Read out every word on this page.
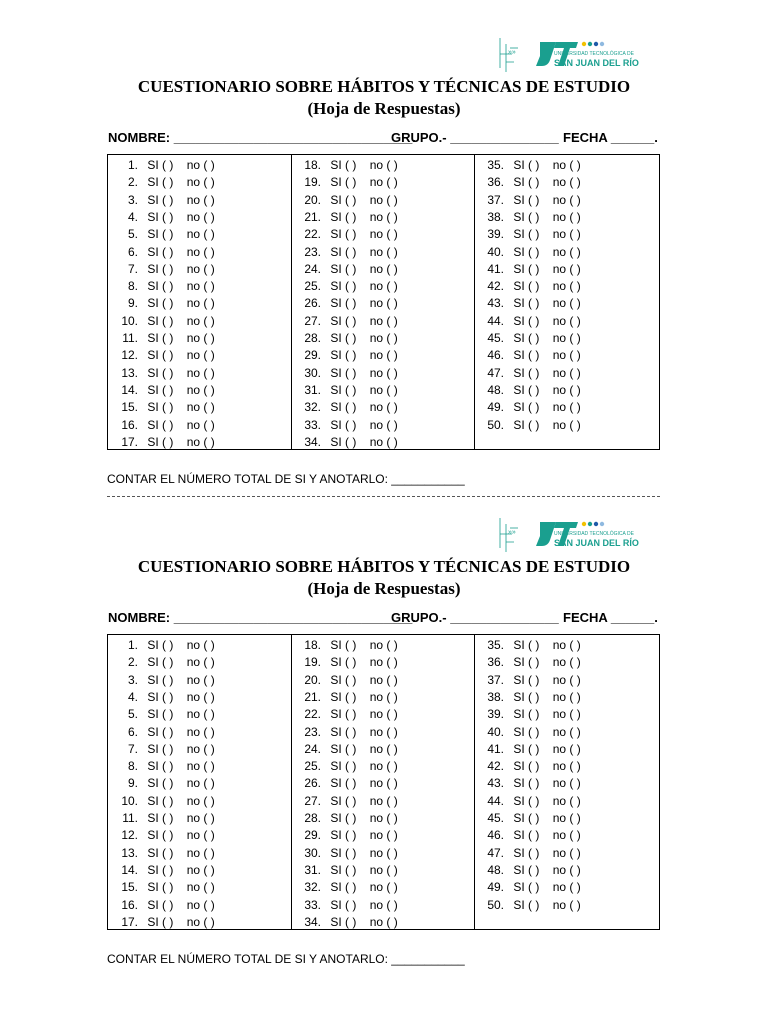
»»	UNIVERSIDAD TECNOLÓGICA DE
SAN JUAN DEL RÍO
CUESTIONARIO SOBRE HÁBITOS Y TÉCNICAS DE ESTUDIO
(Hoja de Respuestas)
NOMBRE: _________________________________.
GRUPO.- _______________ FECHA ______.
1. SI ( ) no ( )
2. SI ( ) no ( )
3. SI ( ) no ( )
4. SI ( ) no ( )
5. SI ( ) no ( )
6. SI ( ) no ( )
7. SI ( ) no ( )
8. SI ( ) no ( )
9. SI ( ) no ( )
10. SI ( ) no ( )
11. SI ( ) no ( )
12. SI ( ) no ( )
13. SI ( ) no ( )
14. SI ( ) no ( )
15. SI ( ) no ( )
16. SI ( ) no ( )
17. SI ( ) no ( )
18. SI ( ) no ( )
19. SI ( ) no ( )
20. SI ( ) no ( )
21. SI ( ) no ( )
22. SI ( ) no ( )
23. SI ( ) no ( )
24. SI ( ) no ( )
25. SI ( ) no ( )
26. SI ( ) no ( )
27. SI ( ) no ( )
28. SI ( ) no ( )
29. SI ( ) no ( )
30. SI ( ) no ( )
31. SI ( ) no ( )
32. SI ( ) no ( )
33. SI ( ) no ( )
34. SI ( ) no ( )
35. SI ( ) no ( )
36. SI ( ) no ( )
37. SI ( ) no ( )
38. SI ( ) no ( )
39. SI ( ) no ( )
40. SI ( ) no ( )
41. SI ( ) no ( )
42. SI ( ) no ( )
43. SI ( ) no ( )
44. SI ( ) no ( )
45. SI ( ) no ( )
46. SI ( ) no ( )
47. SI ( ) no ( )
48. SI ( ) no ( )
49. SI ( ) no ( )
50. SI ( ) no ( )
CONTAR EL NÚMERO TOTAL DE SI Y ANOTARLO: ___________
»»	UNIVERSIDAD TECNOLÓGICA DE
SAN JUAN DEL RÍO
CUESTIONARIO SOBRE HÁBITOS Y TÉCNICAS DE ESTUDIO
(Hoja de Respuestas)
NOMBRE: _________________________________.
GRUPO.- _______________ FECHA ______.
1. SI ( ) no ( )
2. SI ( ) no ( )
3. SI ( ) no ( )
4. SI ( ) no ( )
5. SI ( ) no ( )
6. SI ( ) no ( )
7. SI ( ) no ( )
8. SI ( ) no ( )
9. SI ( ) no ( )
10. SI ( ) no ( )
11. SI ( ) no ( )
12. SI ( ) no ( )
13. SI ( ) no ( )
14. SI ( ) no ( )
15. SI ( ) no ( )
16. SI ( ) no ( )
17. SI ( ) no ( )
18. SI ( ) no ( )
19. SI ( ) no ( )
20. SI ( ) no ( )
21. SI ( ) no ( )
22. SI ( ) no ( )
23. SI ( ) no ( )
24. SI ( ) no ( )
25. SI ( ) no ( )
26. SI ( ) no ( )
27. SI ( ) no ( )
28. SI ( ) no ( )
29. SI ( ) no ( )
30. SI ( ) no ( )
31. SI ( ) no ( )
32. SI ( ) no ( )
33. SI ( ) no ( )
34. SI ( ) no ( )
35. SI ( ) no ( )
36. SI ( ) no ( )
37. SI ( ) no ( )
38. SI ( ) no ( )
39. SI ( ) no ( )
40. SI ( ) no ( )
41. SI ( ) no ( )
42. SI ( ) no ( )
43. SI ( ) no ( )
44. SI ( ) no ( )
45. SI ( ) no ( )
46. SI ( ) no ( )
47. SI ( ) no ( )
48. SI ( ) no ( )
49. SI ( ) no ( )
50. SI ( ) no ( )
CONTAR EL NÚMERO TOTAL DE SI Y ANOTARLO: ___________
